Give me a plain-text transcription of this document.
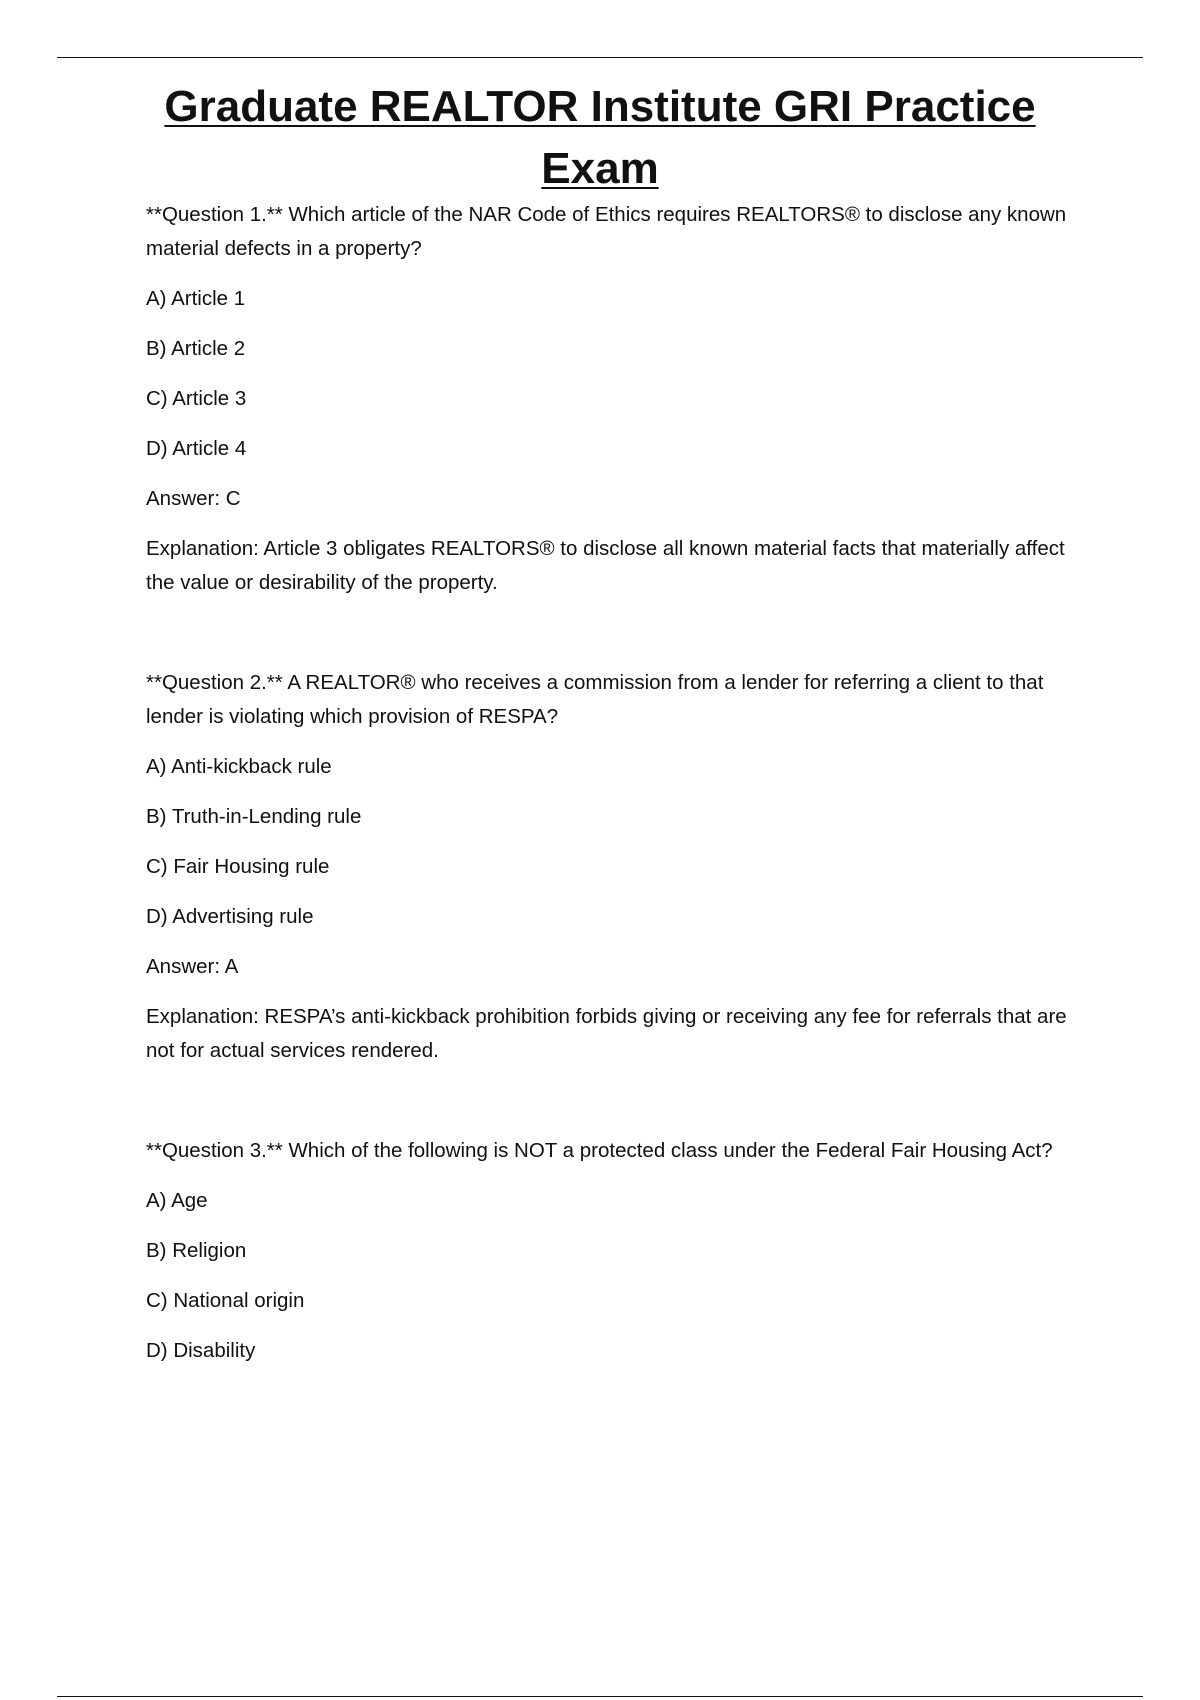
Graduate REALTOR Institute GRI Practice Exam

**Question 1.** Which article of the NAR Code of Ethics requires REALTORS® to disclose any known material defects in a property?

A) Article 1

B) Article 2

C) Article 3

D) Article 4

Answer: C

Explanation: Article 3 obligates REALTORS® to disclose all known material facts that materially affect the value or desirability of the property.

**Question 2.** A REALTOR® who receives a commission from a lender for referring a client to that lender is violating which provision of RESPA?

A) Anti-kickback rule

B) Truth-in-Lending rule

C) Fair Housing rule

D) Advertising rule

Answer: A

Explanation: RESPA’s anti-kickback prohibition forbids giving or receiving any fee for referrals that are not for actual services rendered.

**Question 3.** Which of the following is NOT a protected class under the Federal Fair Housing Act?

A) Age

B) Religion

C) National origin

D) Disability
